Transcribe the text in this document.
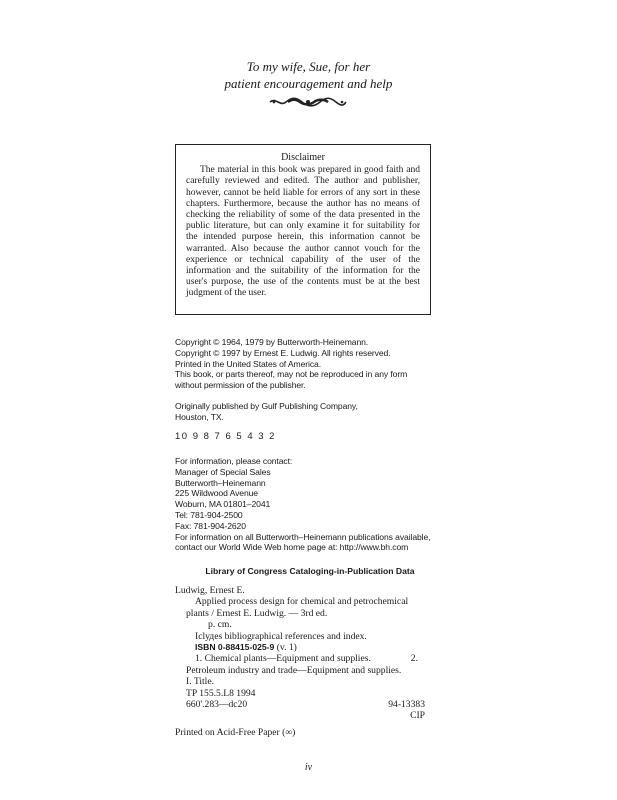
To my wife, Sue, for her
patient encouragement and help
Disclaimer

The material in this book was prepared in good faith and carefully reviewed and edited. The author and publisher, however, cannot be held liable for errors of any sort in these chapters. Furthermore, because the author has no means of checking the reliability of some of the data presented in the public literature, but can only examine it for suitability for the intended purpose herein, this information cannot be warranted. Also because the author cannot vouch for the experience or technical capability of the user of the information and the suitability of the information for the user's purpose, the use of the contents must be at the best judgment of the user.

Copyright © 1964, 1979 by Butterworth-Heinemann.
Copyright © 1997 by Ernest E. Ludwig. All rights reserved.
Printed in the United States of America.
This book, or parts thereof, may not be reproduced in any form
without permission of the publisher.
Originally published by Gulf Publishing Company,
Houston, TX.
10 9 8 7 6 5 4 3 2
For information, please contact:
Manager of Special Sales
Butterworth–Heinemann
225 Wildwood Avenue
Woburn, MA 01801–2041
Tel: 781-904-2500
Fax: 781-904-2620
For information on all Butterworth–Heinemann publications available,
contact our World Wide Web home page at: http://www.bh.com
Library of Congress Cataloging-in-Publication Data
Ludwig, Ernest E.
Applied process design for chemical and petrochemical
plants / Ernest E. Ludwig. — 3rd ed.
p. cm.
Iclудes bibliographical references and index.
ISBN 0-88415-025-9 (v. 1)
1. Chemical plants—Equipment and supplies.	2.
Petroleum industry and trade—Equipment and supplies.
I. Title.
TP 155.5.L8 1994
660'.283—dc20	94-13383
CIP
Printed on Acid-Free Paper (∞)
iv
